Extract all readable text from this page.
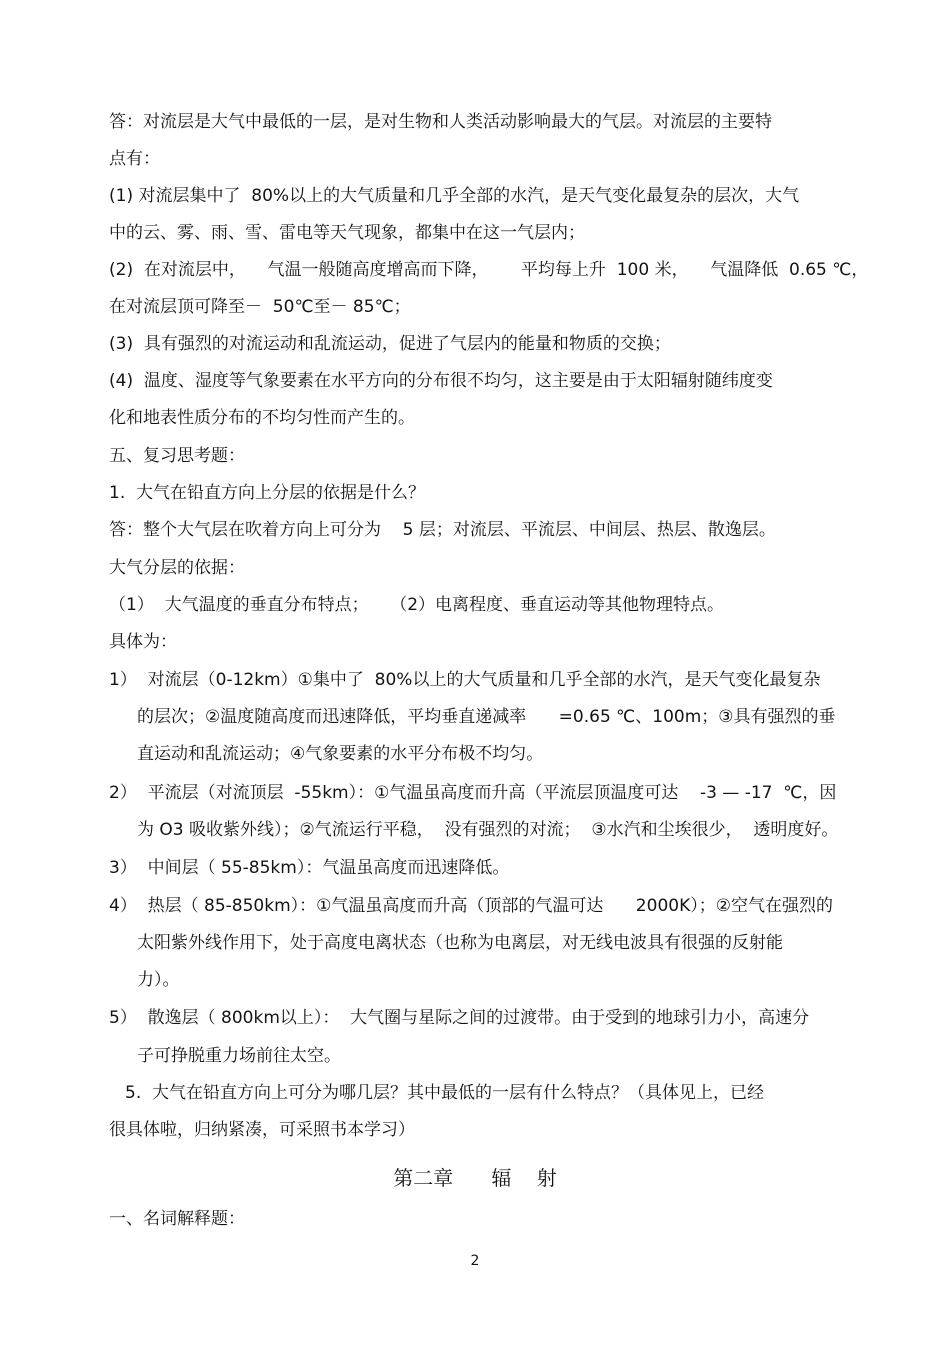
答：对流层是大气中最低的一层，是对生物和人类活动影响最大的气层。对流层的主要特

点有：

(1) 对流层集中了  80%以上的大气质量和几乎全部的水汽，是天气变化最复杂的层次，大气

中的云、雾、雨、雪、雷电等天气现象，都集中在这一气层内；

(2)  在对流层中，    气温一般随高度增高而下降，      平均每上升  100 米，    气温降低  0.65 ℃，

在对流层顶可降至－  50℃至－ 85℃；

(3)  具有强烈的对流运动和乱流运动，促进了气层内的能量和物质的交换；

(4)  温度、湿度等气象要素在水平方向的分布很不均匀，这主要是由于太阳辐射随纬度变

化和地表性质分布的不均匀性而产生的。

五、复习思考题：

1.  大气在铅直方向上分层的依据是什么？

答：整个大气层在吹着方向上可分为    5 层；对流层、平流层、中间层、热层、散逸层。

大气分层的依据：

（1）  大气温度的垂直分布特点；    （2）电离程度、垂直运动等其他物理特点。

具体为：

1）  对流层（0-12km）①集中了  80%以上的大气质量和几乎全部的水汽，是天气变化最复杂

的层次；②温度随高度而迅速降低，平均垂直递减率      =0.65 ℃、100m；③具有强烈的垂

直运动和乱流运动；④气象要素的水平分布极不均匀。

2）  平流层（对流顶层  -55km）：①气温虽高度而升高（平流层顶温度可达    -3 — -17  ℃，因

为 O3 吸收紫外线）；②气流运行平稳，  没有强烈的对流；  ③水汽和尘埃很少，  透明度好。

3）  中间层（ 55-85km）：气温虽高度而迅速降低。

4）  热层（ 85-850km）：①气温虽高度而升高（顶部的气温可达      2000K）；②空气在强烈的

太阳紫外线作用下，处于高度电离状态（也称为电离层，对无线电波具有很强的反射能

力）。

5）  散逸层（ 800km以上）：  大气圈与星际之间的过渡带。由于受到的地球引力小，高速分

子可挣脱重力场前往太空。

5.  大气在铅直方向上可分为哪几层？其中最低的一层有什么特点？（具体见上，已经

很具体啦，归纳紧凑，可采照书本学习）

第二章      辐    射

一、名词解释题：

2
